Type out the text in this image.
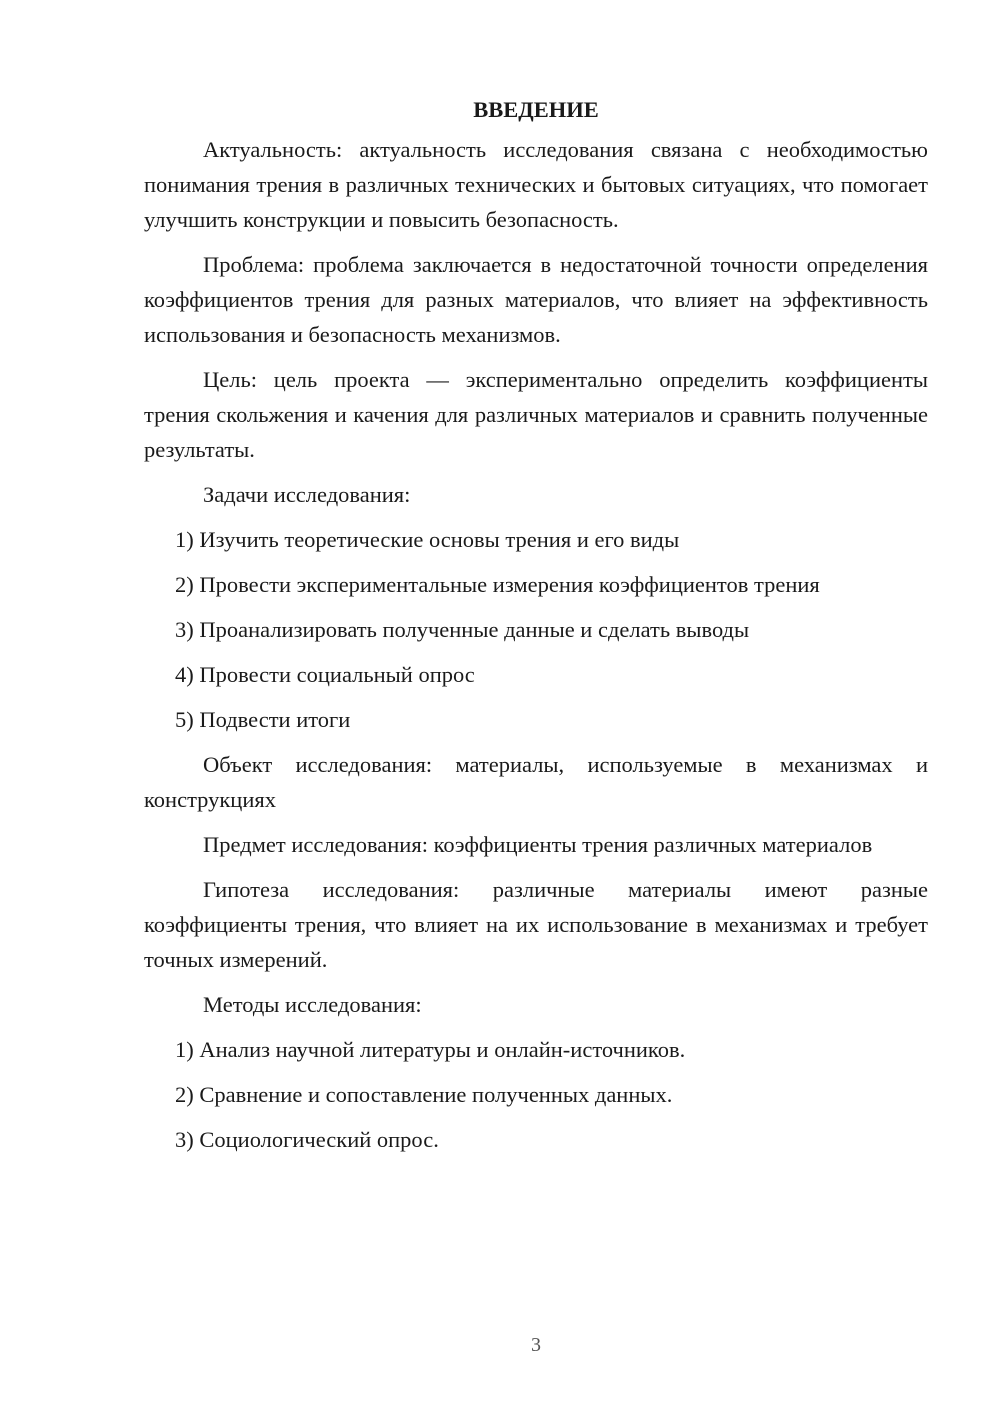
ВВЕДЕНИЕ

Актуальность: актуальность исследования связана с необходимостью понимания трения в различных технических и бытовых ситуациях, что помогает улучшить конструкции и повысить безопасность.

Проблема: проблема заключается в недостаточной точности определения коэффициентов трения для разных материалов, что влияет на эффективность использования и безопасность механизмов.

Цель: цель проекта — экспериментально определить коэффициенты трения скольжения и качения для различных материалов и сравнить полученные результаты.

Задачи исследования:

1) Изучить теоретические основы трения и его виды
2) Провести экспериментальные измерения коэффициентов трения
3) Проанализировать полученные данные и сделать выводы
4) Провести социальный опрос
5) Подвести итоги

Объект исследования: материалы, используемые в механизмах и конструкциях

Предмет исследования: коэффициенты трения различных материалов

Гипотеза исследования: различные материалы имеют разные коэффициенты трения, что влияет на их использование в механизмах и требует точных измерений.

Методы исследования:

1) Анализ научной литературы и онлайн-источников.
2) Сравнение и сопоставление полученных данных.
3) Социологический опрос.
3
